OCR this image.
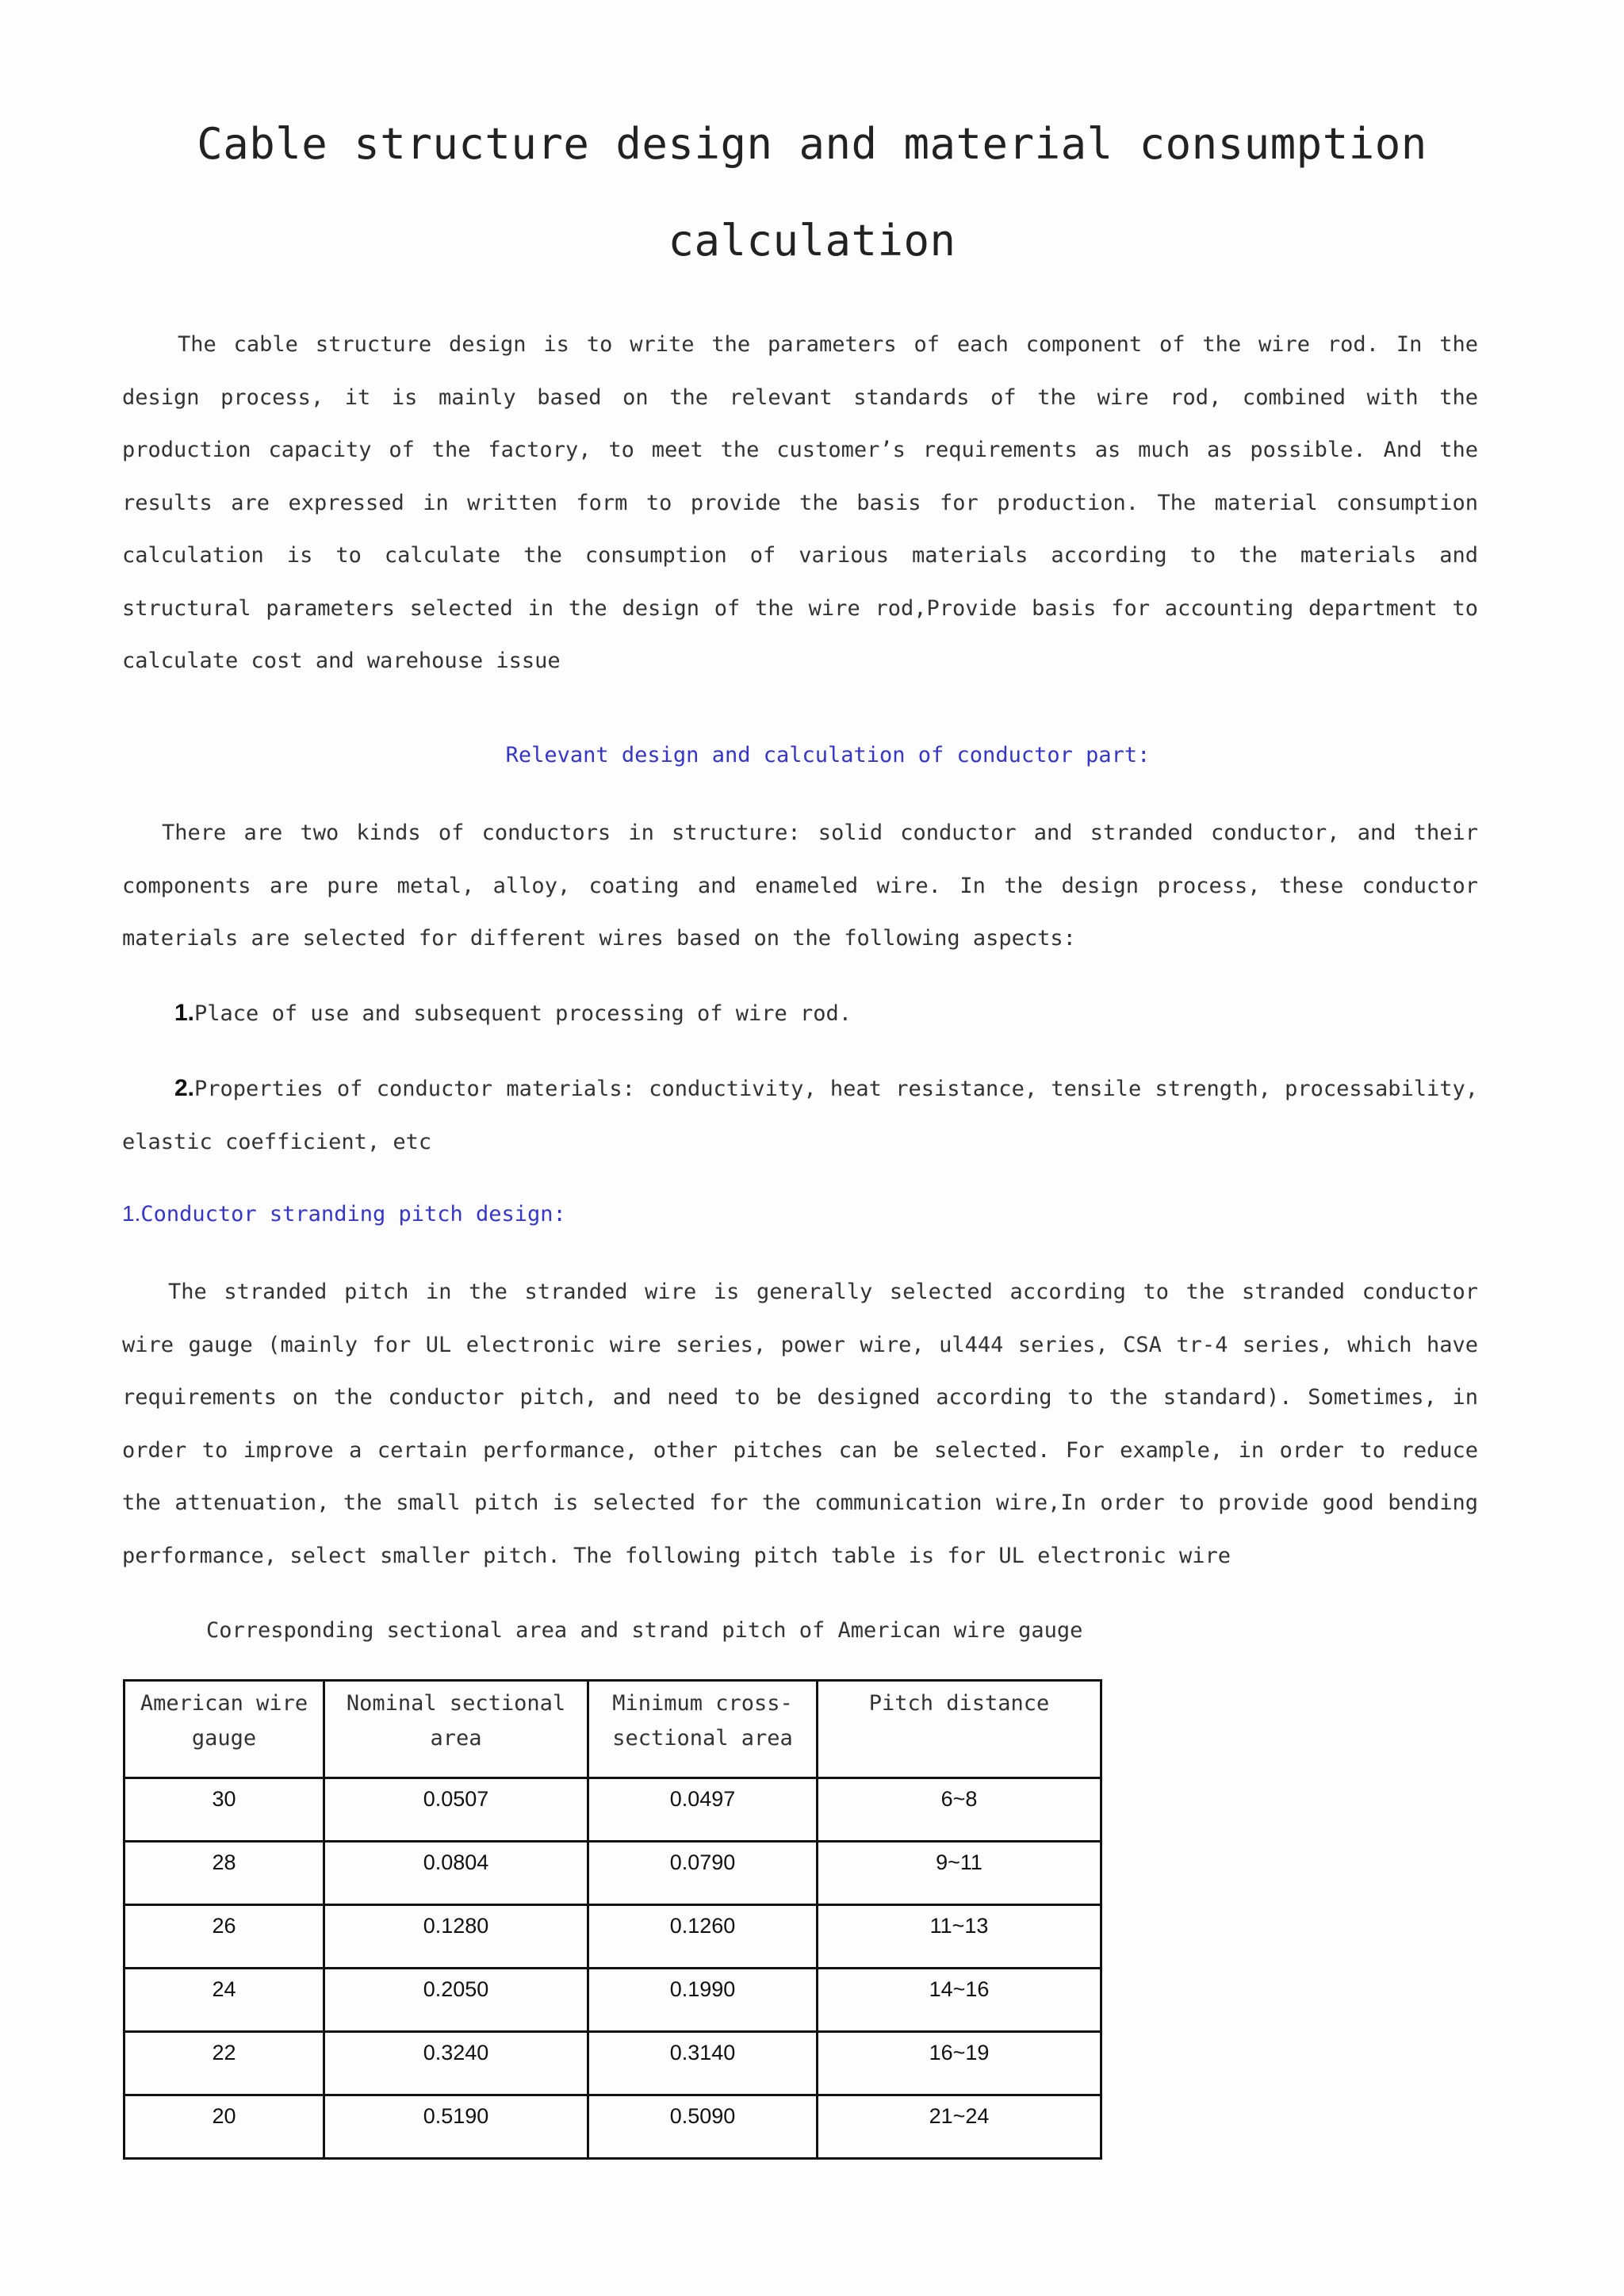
Cable structure design and material consumption
calculation

The cable structure design is to write the parameters of each component of the wire rod. In the design process, it is mainly based on the relevant standards of the wire rod, combined with the production capacity of the factory, to meet the customer’s requirements as much as possible. And the results are expressed in written form to provide the basis for production. The material consumption calculation is to calculate the consumption of various materials according to the materials and structural parameters selected in the design of the wire rod,Provide basis for accounting department to calculate cost and warehouse issue

Relevant design and calculation of conductor part:

There are two kinds of conductors in structure: solid conductor and stranded conductor, and their components are pure metal, alloy, coating and enameled wire. In the design process, these conductor materials are selected for different wires based on the following aspects:

1.Place of use and subsequent processing of wire rod.

2.Properties of conductor materials: conductivity, heat resistance, tensile strength, processability, elastic coefficient, etc

1.Conductor stranding pitch design:

The stranded pitch in the stranded wire is generally selected according to the stranded conductor wire gauge (mainly for UL electronic wire series, power wire, ul444 series, CSA tr-4 series, which have requirements on the conductor pitch, and need to be designed according to the standard). Sometimes, in order to improve a certain performance, other pitches can be selected. For example, in order to reduce the attenuation, the small pitch is selected for the communication wire,In order to provide good bending performance, select smaller pitch. The following pitch table is for UL electronic wire

Corresponding sectional area and strand pitch of American wire gauge

American wire gauge	Nominal sectional area	Minimum cross-sectional area	Pitch distance
30	0.0507	0.0497	6~8
28	0.0804	0.0790	9~11
26	0.1280	0.1260	11~13
24	0.2050	0.1990	14~16
22	0.3240	0.3140	16~19
20	0.5190	0.5090	21~24
